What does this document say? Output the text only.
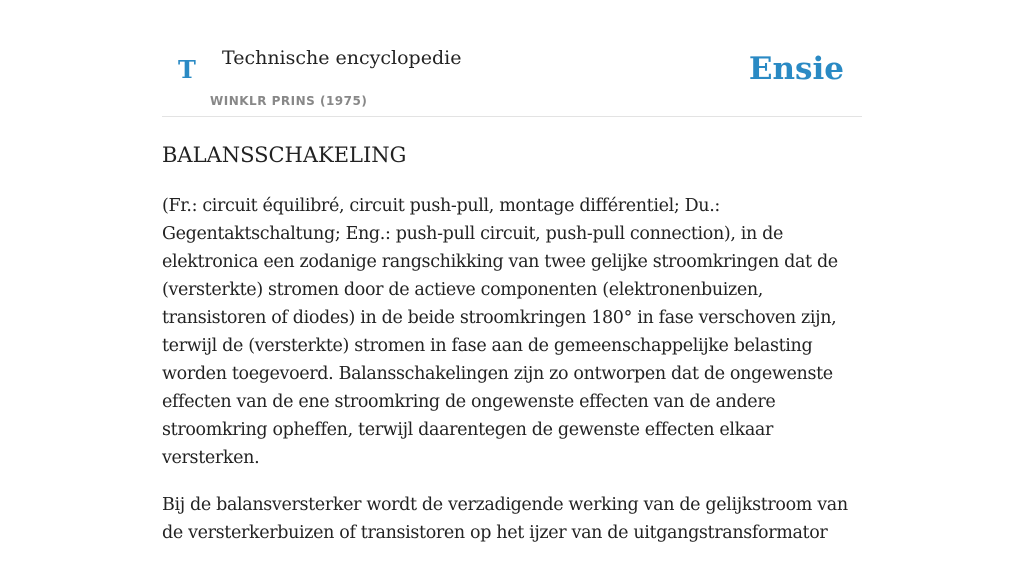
T Technische encyclopedie
WINKLR PRINS (1975)
Ensie
BALANSSCHAKELING

(Fr.: circuit équilibré, circuit push-pull, montage différentiel; Du.: Gegentaktschaltung; Eng.: push-pull circuit, push-pull connection), in de elektronica een zodanige rangschikking van twee gelijke stroomkringen dat de (versterkte) stromen door de actieve componenten (elektronenbuizen, transistoren of diodes) in de beide stroomkringen 180° in fase verschoven zijn, terwijl de (versterkte) stromen in fase aan de gemeenschappelijke belasting worden toegevoerd. Balansschakelingen zijn zo ontworpen dat de ongewenste effecten van de ene stroomkring de ongewenste effecten van de andere stroomkring opheffen, terwijl daarentegen de gewenste effecten elkaar versterken.

Bij de balansversterker wordt de verzadigende werking van de gelijkstroom van de versterkerbuizen of transistoren op het ijzer van de uitgangstransformator
